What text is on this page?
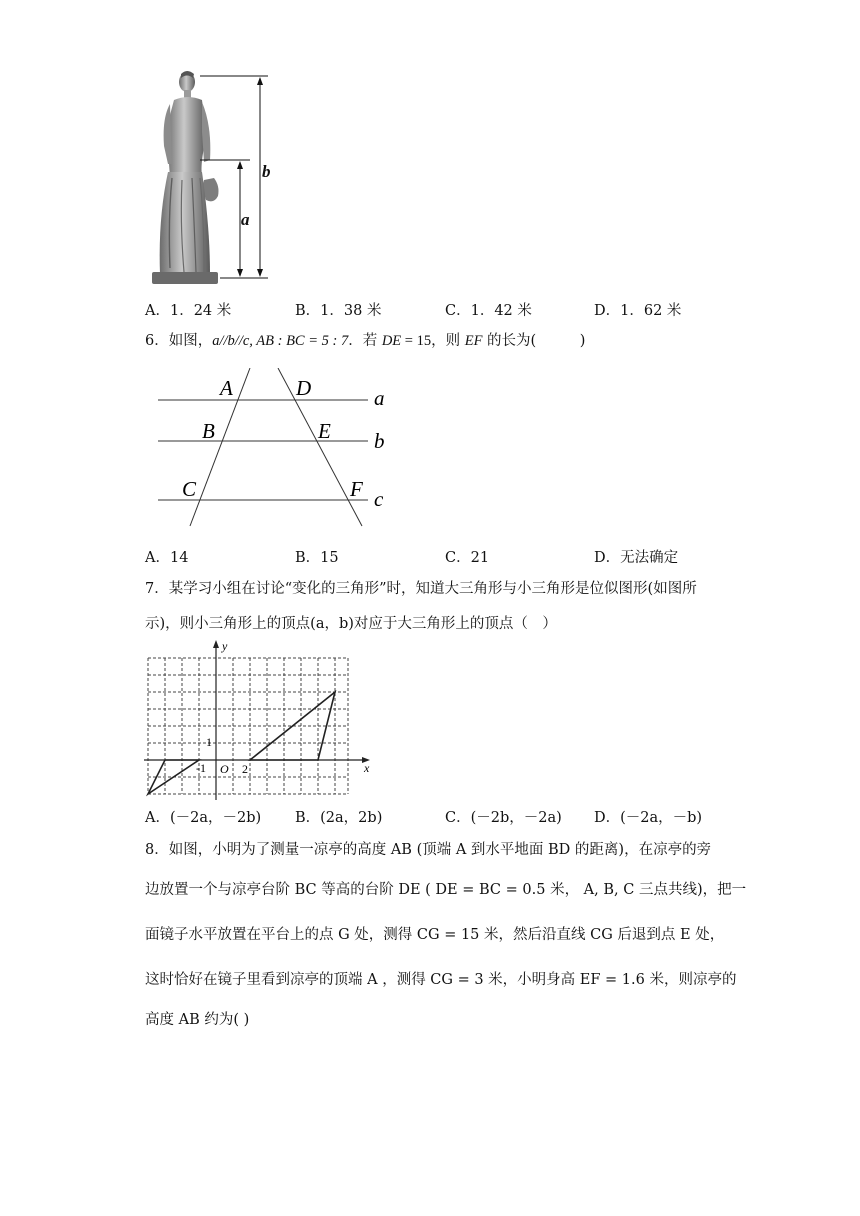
b
a
A．1．24 米	B．1．38 米	C．1．42 米	D．1．62 米
6．如图，a//b//c, AB : BC = 5 : 7．若 DE = 15，则 EF 的长为(　　　)
A	D	a
B	E b
C	F c
A．14	B．15	C．21	D．无法确定
7．某学习小组在讨论“变化的三角形”时，知道大三角形与小三角形是位似图形(如图所
示)，则小三角形上的顶点(a，b)对应于大三角形上的顶点（　）
y
x
1
O 2
-1
A．(－2a，－2b) B．(2a，2b)	C．(－2b，－2a) D．(－2a，－b)
8．如图，小明为了测量一凉亭的高度 AB (顶端 A 到水平地面 BD 的距离)，在凉亭的旁
边放置一个与凉亭台阶 BC 等高的台阶 DE ( DE = BC = 0.5 米， A, B, C 三点共线)，把一
面镜子水平放置在平台上的点 G 处，测得 CG = 15 米，然后沿直线 CG 后退到点 E 处，
这时恰好在镜子里看到凉亭的顶端 A ，测得 CG = 3 米，小明身高 EF = 1.6 米，则凉亭的
高度 AB 约为( )
